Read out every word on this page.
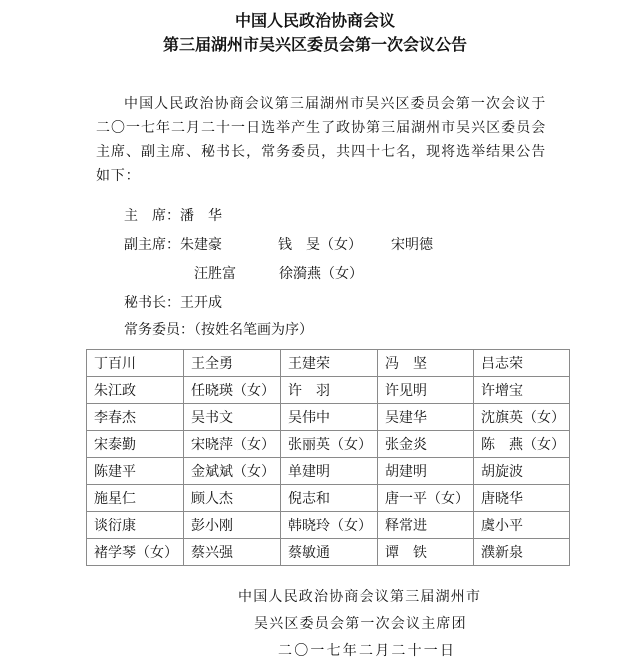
中国人民政治协商会议
第三届湖州市吴兴区委员会第一次会议公告
中国人民政治协商会议第三届湖州市吴兴区委员会第一次会议于二〇一七年二月二十一日选举产生了政协第三届湖州市吴兴区委员会主席、副主席、秘书长，常务委员，共四十七名，现将选举结果公告如下：
主　席：潘　华
副主席：朱建豪	钱　旻（女） 宋明德
汪胜富	徐漪燕（女）
秘书长：王开成
常务委员：（按姓名笔画为序）
丁百川	王全勇	王建荣	冯　坚	吕志荣
朱江政	任晓瑛（女）	许　羽	许见明	许增宝
李春杰	吴书文	吴伟中	吴建华	沈旗英（女）
宋泰勤	宋晓萍（女）	张丽英（女）	张金炎	陈　燕（女）
陈建平	金斌斌（女）	单建明	胡建明	胡旋波
施星仁	顾人杰	倪志和	唐一平（女）	唐晓华
谈衍康	彭小刚	韩晓玲（女）	释常进	虞小平
褚学琴（女）	蔡兴强	蔡敏通	谭　铁	濮新泉
中国人民政治协商会议第三届湖州市
吴兴区委员会第一次会议主席团
二〇一七年二月二十一日
